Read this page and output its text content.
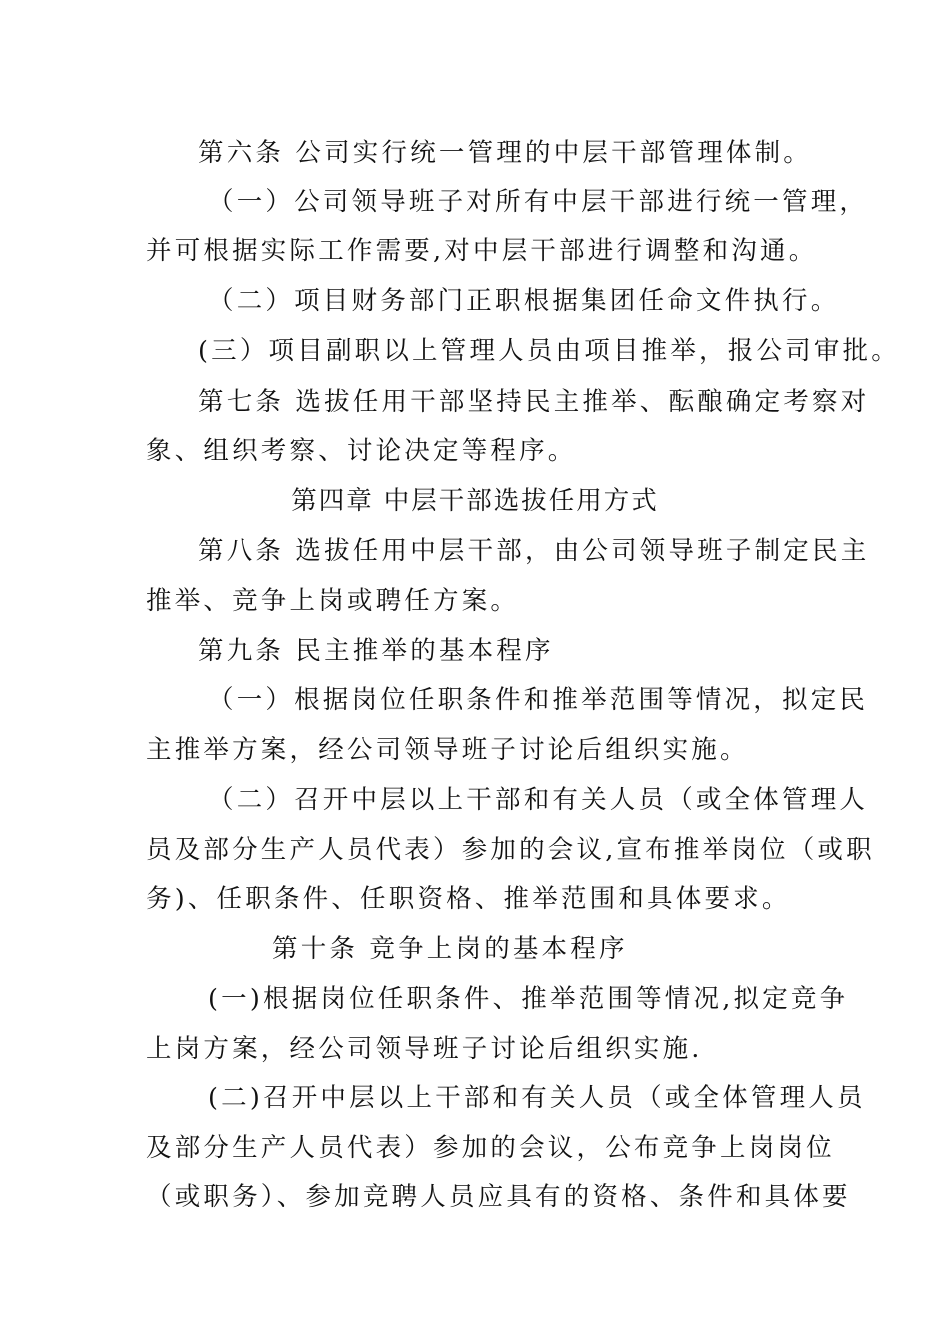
第六条 公司实行统一管理的中层干部管理体制。
（一）公司领导班子对所有中层干部进行统一管理，
并可根据实际工作需要,对中层干部进行调整和沟通。
（二）项目财务部门正职根据集团任命文件执行。
(三）项目副职以上管理人员由项目推举，报公司审批。
第七条 选拔任用干部坚持民主推举、酝酿确定考察对
象、组织考察、讨论决定等程序。
第四章 中层干部选拔任用方式
第八条 选拔任用中层干部，由公司领导班子制定民主
推举、竞争上岗或聘任方案。
第九条 民主推举的基本程序
（一）根据岗位任职条件和推举范围等情况，拟定民
主推举方案，经公司领导班子讨论后组织实施。
（二）召开中层以上干部和有关人员（或全体管理人
员及部分生产人员代表）参加的会议,宣布推举岗位（或职
务)、任职条件、任职资格、推举范围和具体要求。
第十条 竞争上岗的基本程序
(一)根据岗位任职条件、推举范围等情况,拟定竞争
上岗方案，经公司领导班子讨论后组织实施.
(二)召开中层以上干部和有关人员（或全体管理人员
及部分生产人员代表）参加的会议，公布竞争上岗岗位
（或职务）、参加竞聘人员应具有的资格、条件和具体要
